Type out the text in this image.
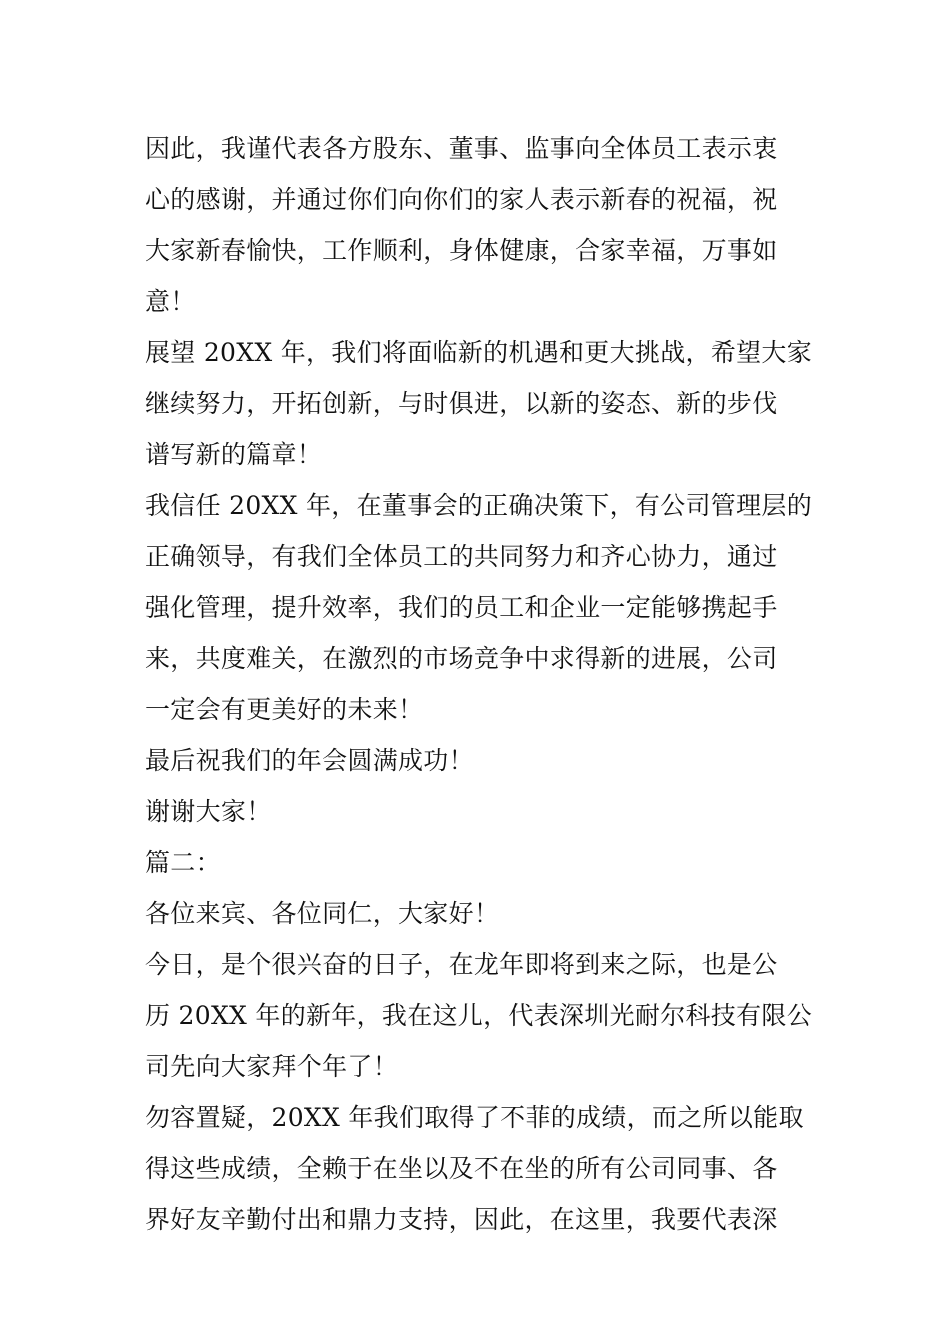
因此，我谨代表各方股东、董事、监事向全体员工表示衷
心的感谢，并通过你们向你们的家人表示新春的祝福，祝
大家新春愉快，工作顺利，身体健康，合家幸福，万事如
意！
展望 20XX 年，我们将面临新的机遇和更大挑战，希望大家
继续努力，开拓创新，与时俱进，以新的姿态、新的步伐
谱写新的篇章！
我信任 20XX 年，在董事会的正确决策下，有公司管理层的
正确领导，有我们全体员工的共同努力和齐心协力，通过
强化管理，提升效率，我们的员工和企业一定能够携起手
来，共度难关，在激烈的市场竞争中求得新的进展，公司
一定会有更美好的未来！
最后祝我们的年会圆满成功！
谢谢大家！
篇二：
各位来宾、各位同仁，大家好！
今日，是个很兴奋的日子，在龙年即将到来之际，也是公
历 20XX 年的新年，我在这儿，代表深圳光耐尔科技有限公
司先向大家拜个年了！
勿容置疑，20XX 年我们取得了不菲的成绩，而之所以能取
得这些成绩，全赖于在坐以及不在坐的所有公司同事、各
界好友辛勤付出和鼎力支持，因此，在这里，我要代表深
